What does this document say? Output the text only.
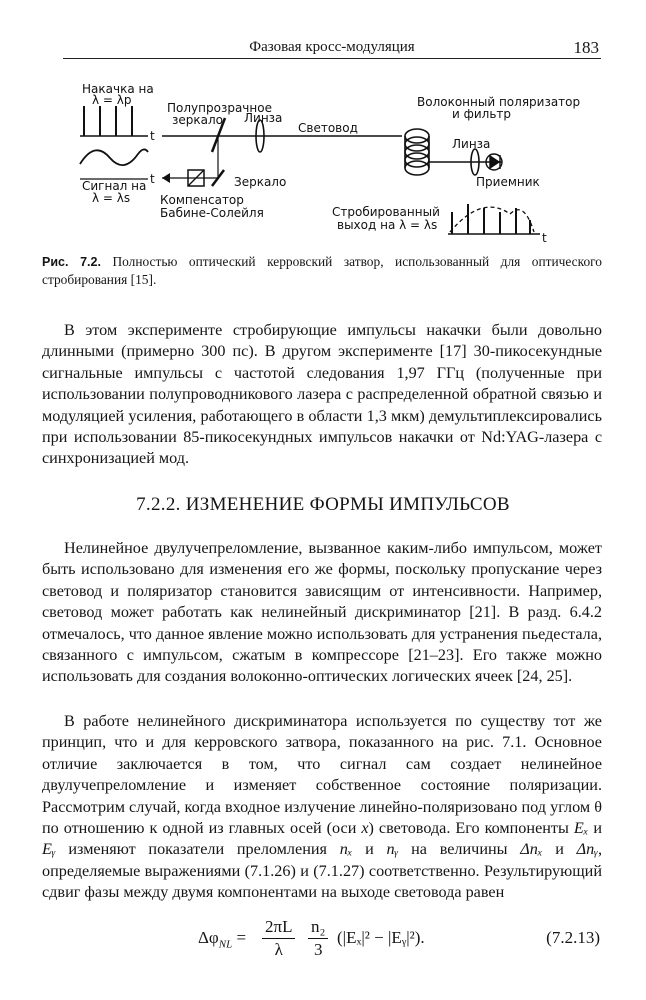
Фазовая кросс-модуляция	183
Накачка на
λ = λp
t
t
Сигнал на
λ = λs
Полупрозрачное
зеркало Линза
Световод
Волоконный поляризатор
и фильтр
Линза
Приемник
Зеркало
Компенсатор
Бабине-Солейля	Стробированный
выход на λ = λs
t
Рис. 7.2. Полностью оптический керровский затвор, использованный для оптического стробирования [15].

В этом эксперименте стробирующие импульсы накачки были довольно длинными (примерно 300 пс). В другом эксперименте [17] 30-пикосекундные сигнальные импульсы с частотой следования 1,97 ГГц (полученные при использовании полупроводникового лазера с распределенной обратной связью и модуляцией усиления, работающего в области 1,3 мкм) демультиплексировались при использовании 85-пикосекундных импульсов накачки от Nd:YAG-лазера с синхронизацией мод.

7.2.2. ИЗМЕНЕНИЕ ФОРМЫ ИМПУЛЬСОВ

Нелинейное двулучепреломление, вызванное каким-либо импульсом, может быть использовано для изменения его же формы, поскольку пропускание через световод и поляризатор становится зависящим от интенсивности. Например, световод может работать как нелинейный дискриминатор [21]. В разд. 6.4.2 отмечалось, что данное явление можно использовать для устранения пьедестала, связанного с импульсом, сжатым в компрессоре [21–23]. Его также можно использовать для создания волоконно-оптических логических ячеек [24, 25].

В работе нелинейного дискриминатора используется по существу тот же принцип, что и для керровского затвора, показанного на рис. 7.1. Основное отличие заключается в том, что сигнал сам создает нелинейное двулучепреломление и изменяет собственное состояние поляризации. Рассмотрим случай, когда входное излучение линейно-поляризовано под углом θ по отношению к одной из главных осей (оси x) световода. Его компоненты Eₓ и Eᵧ изменяют показатели преломления nₓ и nᵧ на величины Δnₓ и Δnᵧ, определяемые выражениями (7.1.26) и (7.1.27) соответственно. Результирующий сдвиг фазы между двумя компонентами на выходе световода равен

$\Delta\varphi_{NL} = \frac{2\pi L}{\lambda} \frac{\text{n₂}}{3} (|E_x|^2$ − |Eᵧ|²).	(7.2.13)
